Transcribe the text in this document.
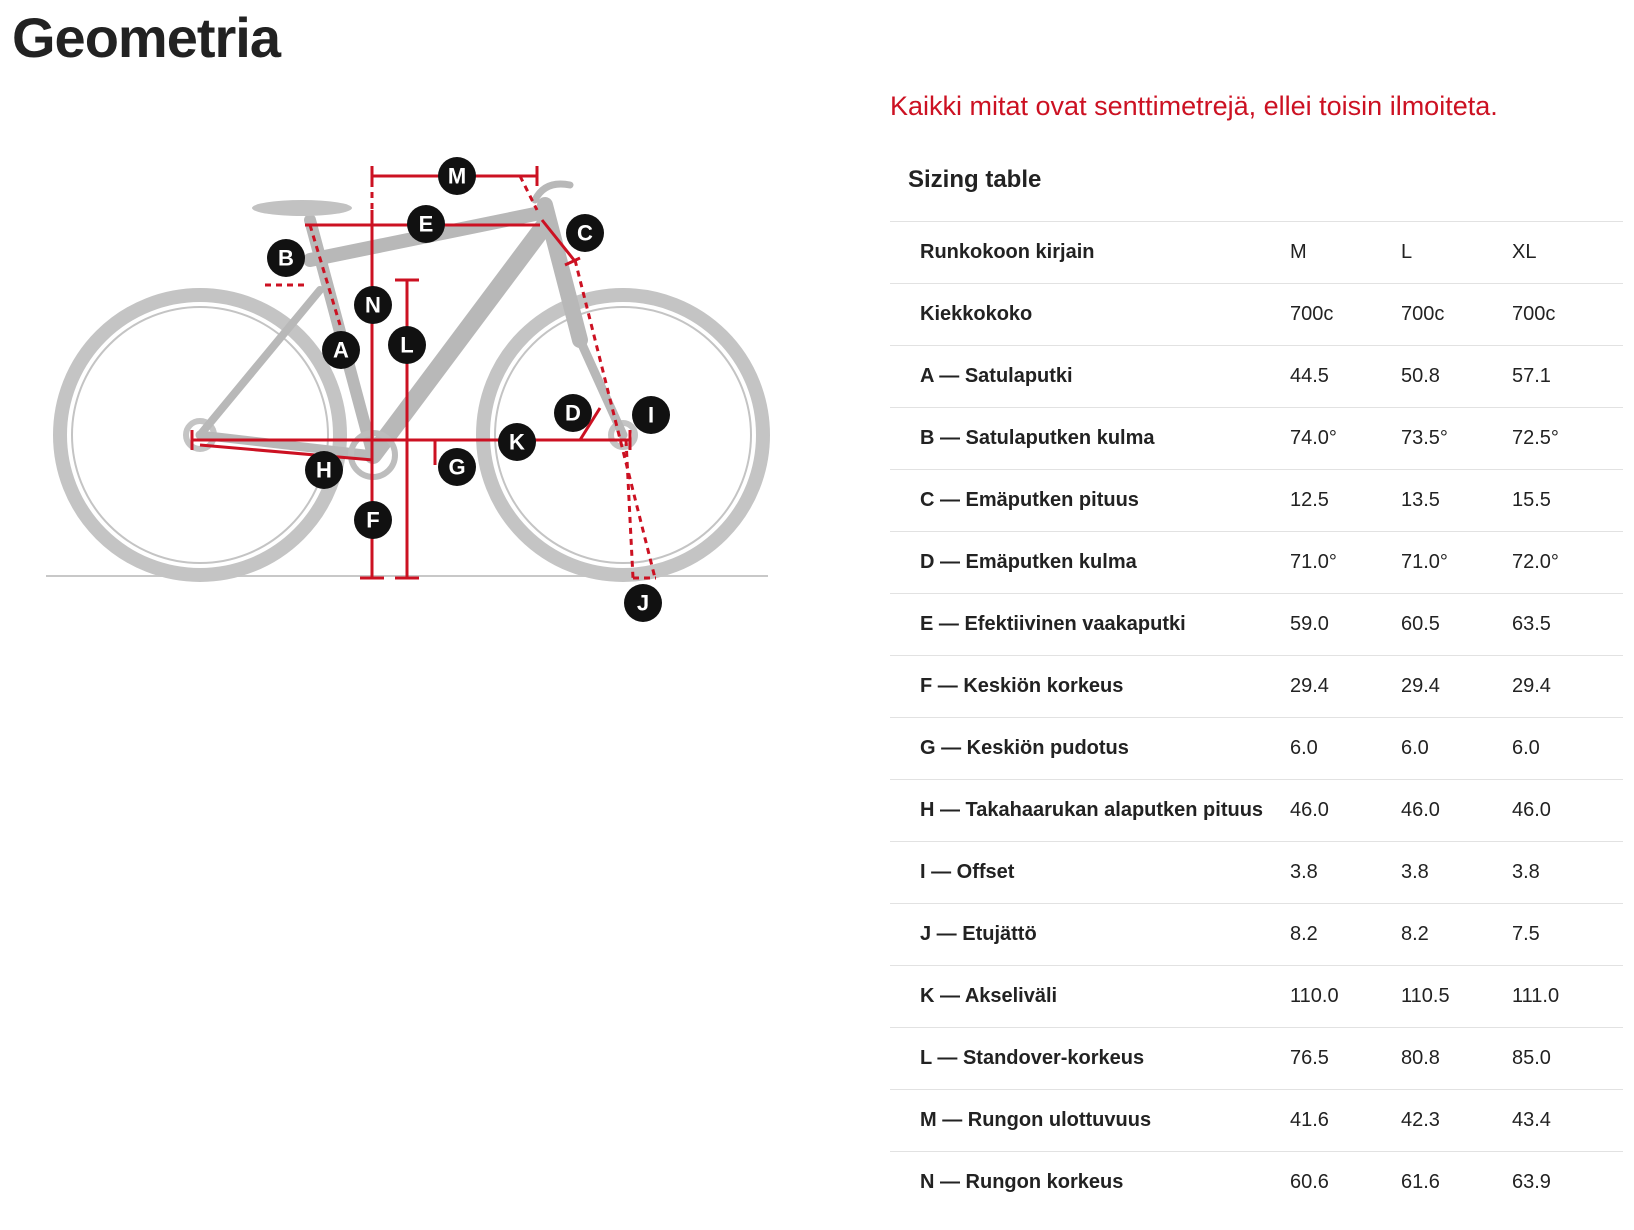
Geometria
M
E	C
B
N
L
A
D	I
K
H	G
F
J
Kaikki mitat ovat senttimetrejä, ellei toisin ilmoiteta.
Sizing table
Runkokoon kirjain	M	L	XL
Kiekkokoko	700c	700c	700c
A — Satulaputki	44.5	50.8	57.1
B — Satulaputken kulma	74.0°	73.5°	72.5°
C — Emäputken pituus	12.5	13.5	15.5
D — Emäputken kulma	71.0°	71.0°	72.0°
E — Efektiivinen vaakaputki	59.0	60.5	63.5
F — Keskiön korkeus	29.4	29.4	29.4
G — Keskiön pudotus	6.0	6.0	6.0
H — Takahaarukan alaputken pituus	46.0	46.0	46.0
I — Offset	3.8	3.8	3.8
J — Etujättö	8.2	8.2	7.5
K — Akseliväli	110.0	110.5	111.0
L — Standover-korkeus	76.5	80.8	85.0
M — Rungon ulottuvuus	41.6	42.3	43.4
N — Rungon korkeus	60.6	61.6	63.9
